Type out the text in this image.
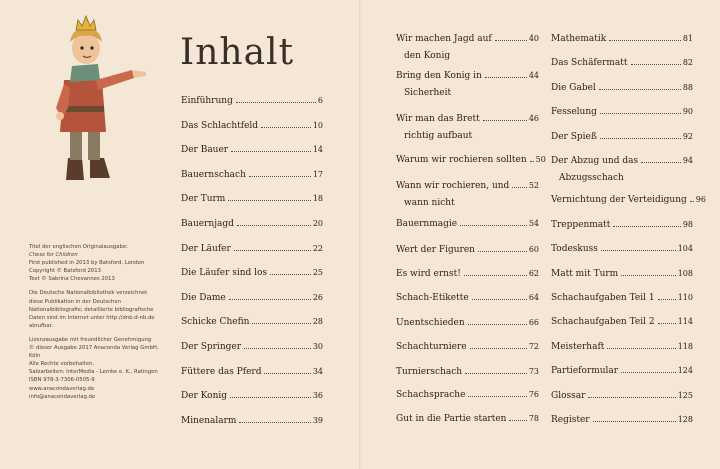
Inhalt
Titel der englischen Originalausgabe:
Chess for Children
First published in 2013 by Batsford, London
Copyright © Batsford 2013
Text © Sabrina Chevannes 2013
Die Deutsche Nationalbibliothek verzeichnet
diese Publikation in der Deutschen
Nationalbibliografie; detaillierte bibliografische
Daten sind im Internet unter http://dnb.d-nb.de
abrufbar.
Lizenzausgabe mit freundlicher Genehmigung
© dieser Ausgabe 2017 Anaconda Verlag GmbH,
Köln
Alle Rechte vorbehalten.
Satzarbeiten: InterMedia - Lemke e. K., Ratingen
ISBN 978-3-7306-0505-9
www.anacondaverlag.de
info@anacondaverlag.de
Einführung	6
Das Schlachtfeld	10
Der Bauer	14
Bauernschach	17
Der Turm	18
Bauernjagd	20
Der Läufer	22
Die Läufer sind los	25
Die Dame	26
Schicke Chefin	28
Der Springer	30
Füttere das Pferd	34
Der Konig	36
Minenalarm	39
Wir machen Jagd auf
den Konig
40
Bring den Konig in
Sicherheit
44
Wir man das Brett
richtig aufbaut
46
Warum wir rochieren sollten 50
Wann wir rochieren, und
wann nicht
52
Bauernmagie	54
Wert der Figuren	60
Es wird ernst!	62
Schach-Etikette	64
Unentschieden	66
Schachturniere	72
Turnierschach	73
Schachsprache	76
Gut in die Partie starten	78
Mathematik	81
Das Schäfermatt	82
Die Gabel	88
Fesselung	90
Der Spieß	92
Der Abzug und das
Abzugsschach
94
Vernichtung der Verteidigung 96
Treppenmatt	98
Todeskuss	104
Matt mit Turm	108
Schachaufgaben Teil 1	110
Schachaufgaben Teil 2	114
Meisterhaft	118
Partieformular	124
Glossar	125
Register	128
